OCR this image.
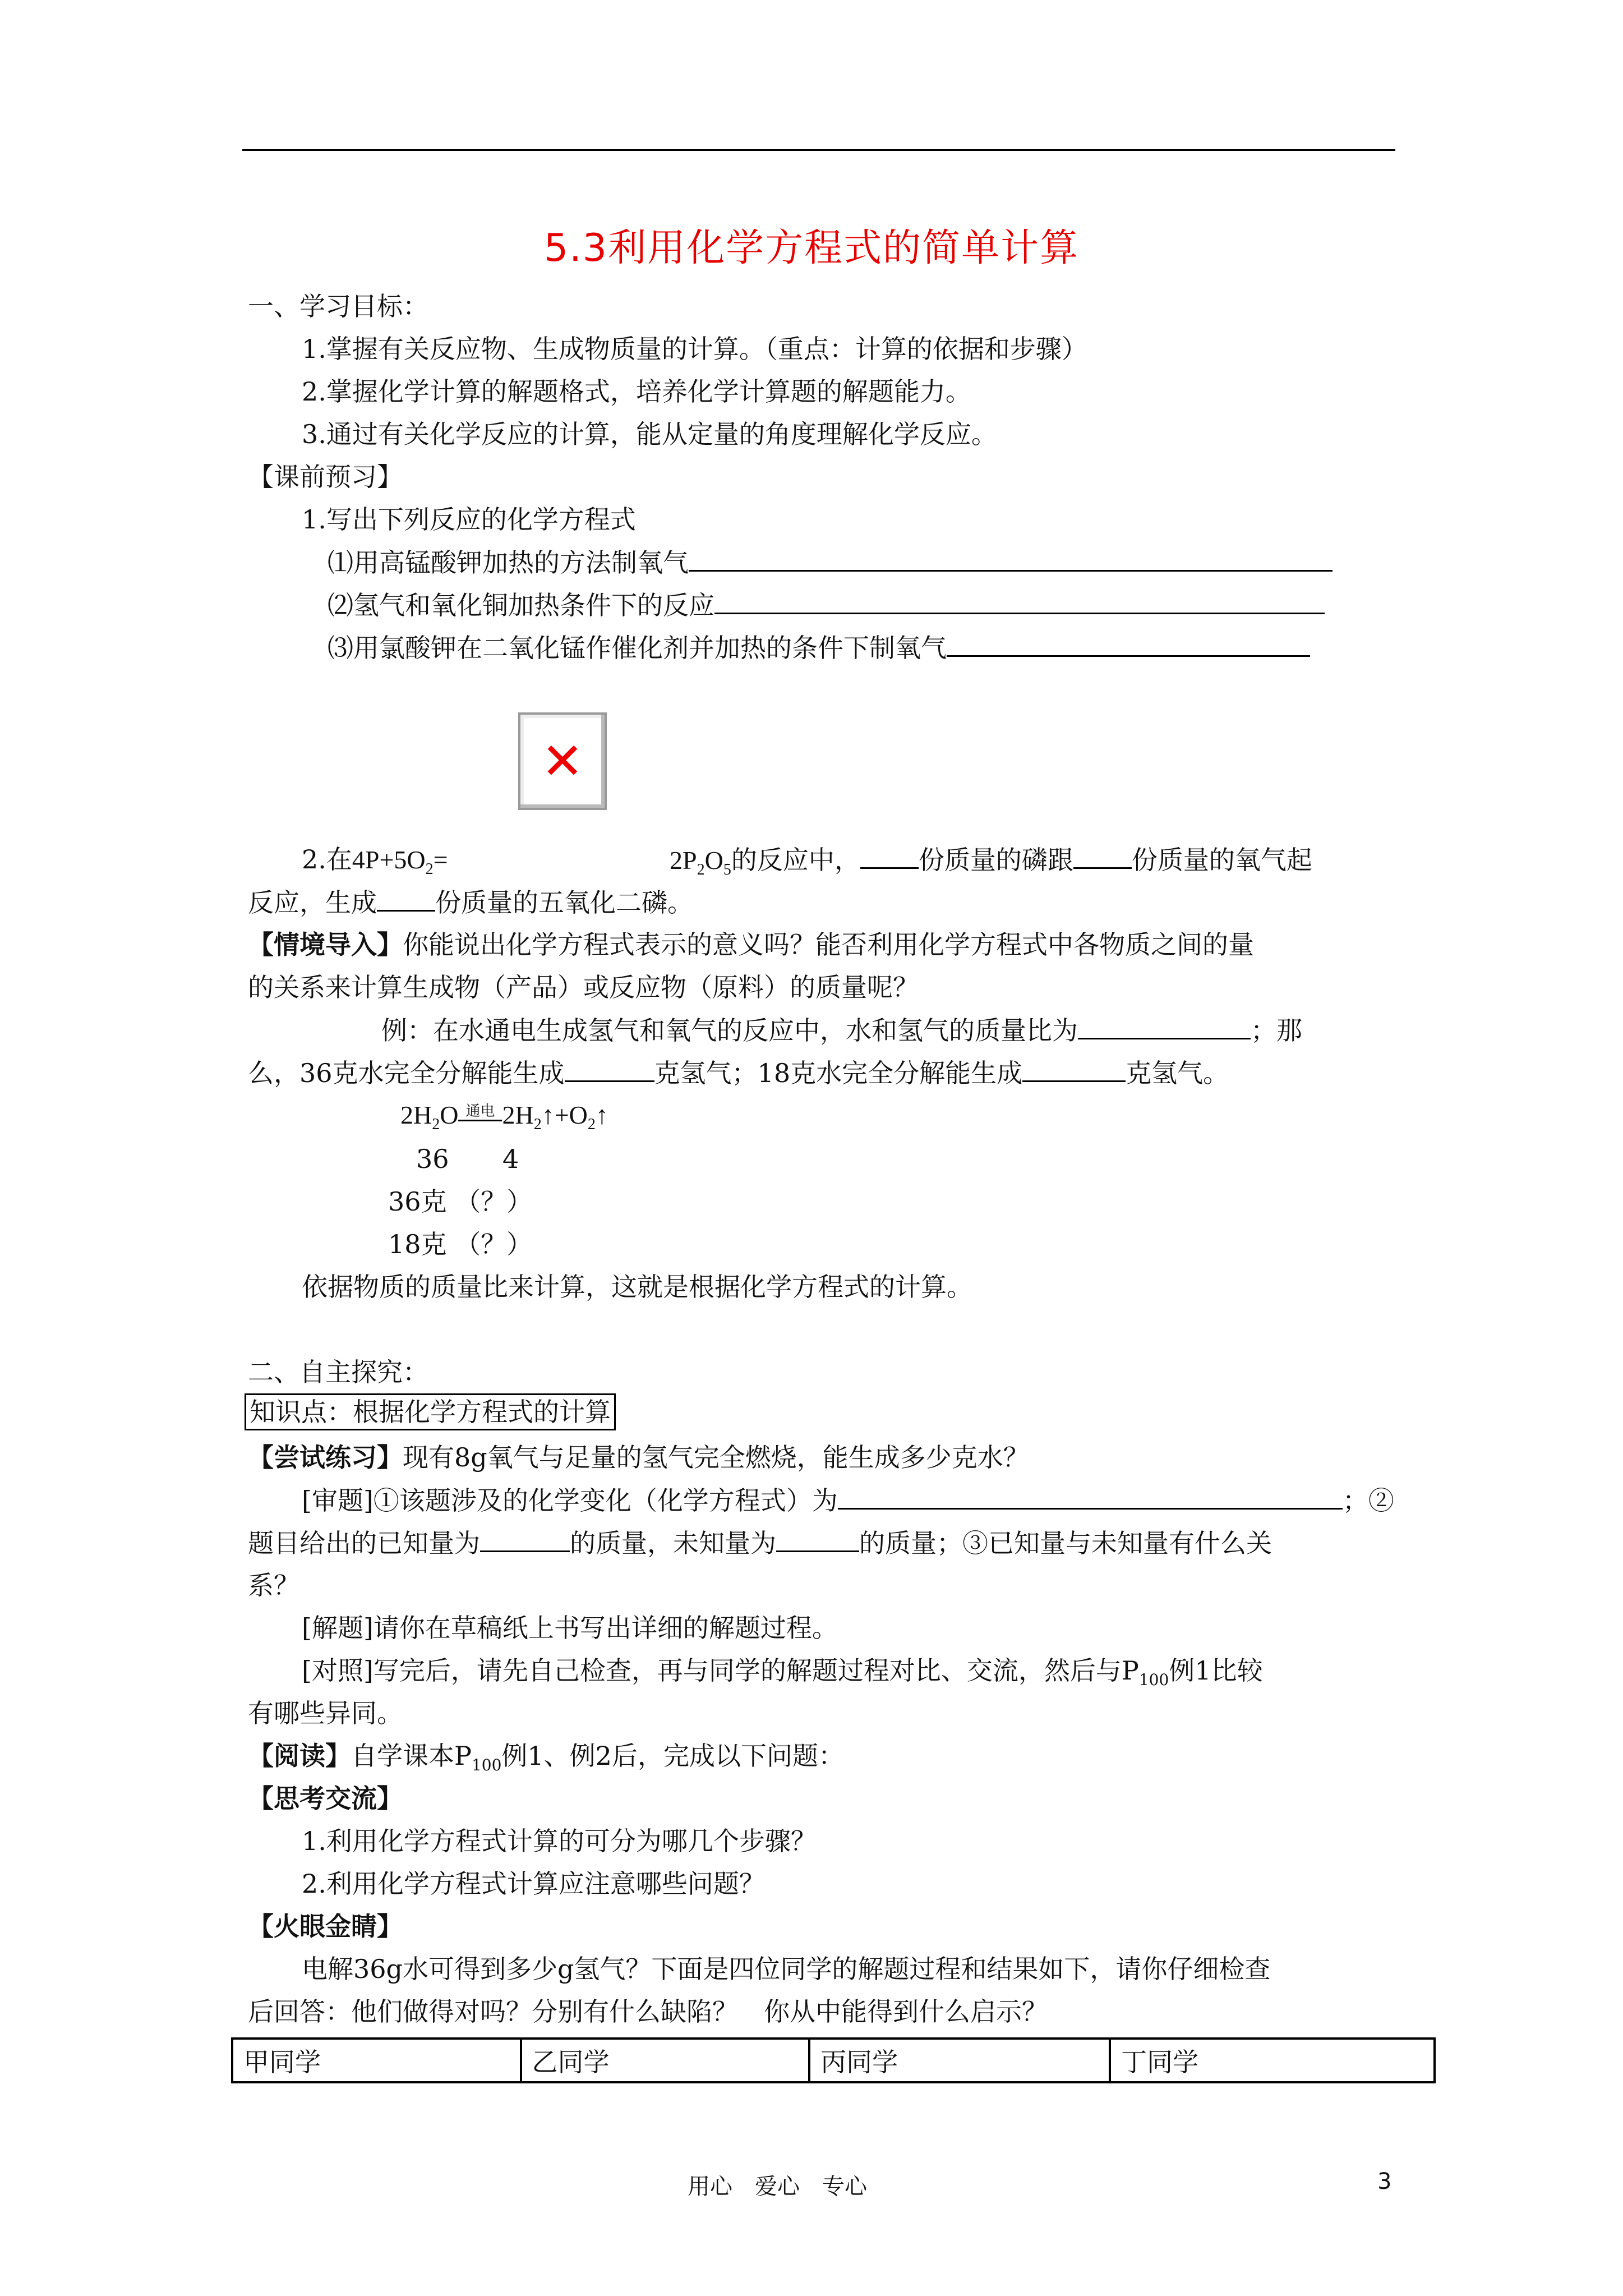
5.3利用化学方程式的简单计算
一、学习目标：
1.掌握有关反应物、生成物质量的计算。（重点：计算的依据和步骤）
2.掌握化学计算的解题格式，培养化学计算题的解题能力。
3.通过有关化学反应的计算，能从定量的角度理解化学反应。
【课前预习】
1.写出下列反应的化学方程式
⑴用高锰酸钾加热的方法制氧气
⑵氢气和氧化铜加热条件下的反应
⑶用氯酸钾在二氧化锰作催化剂并加热的条件下制氧气
✕
2.在$4P+5O_2=$	$2P_2O_5$的反应中， 份质量的磷跟 份质量的氧气起
反应，生成 份质量的五氧化二磷。
【情境导入】你能说出化学方程式表示的意义吗？能否利用化学方程式中各物质之间的量
的关系来计算生成物（产品）或反应物（原料）的质量呢？
例：在水通电生成氢气和氧气的反应中，水和氢气的质量比为	；那
么，36克水完全分解能生成	克氢气；18克水完全分解能生成	克氢气。
$2H_2O$ 通电 $2H_2↑+O_2↑$
36 4
36克 （？）
18克 （？）
依据物质的质量比来计算，这就是根据化学方程式的计算。
二、自主探究：
知识点：根据化学方程式的计算
【尝试练习】现有8g氧气与足量的氢气完全燃烧，能生成多少克水？
[审题]①该题涉及的化学变化（化学方程式）为	；②
题目给出的已知量为	的质量，未知量为	的质量；③已知量与未知量有什么关
系？
[解题]请你在草稿纸上书写出详细的解题过程。
[对照]写完后，请先自己检查，再与同学的解题过程对比、交流，然后与$P_{100}$例1比较
有哪些异同。
【阅读】自学课本$P_{100}$例1、例2后，完成以下问题：
【思考交流】
1.利用化学方程式计算的可分为哪几个步骤？
2.利用化学方程式计算应注意哪些问题？
【火眼金睛】
电解36g水可得到多少g氢气？下面是四位同学的解题过程和结果如下，请你仔细检查
后回答：他们做得对吗？分别有什么缺陷？　你从中能得到什么启示？
甲同学	乙同学	丙同学	丁同学
用心　爱心　专心	3
